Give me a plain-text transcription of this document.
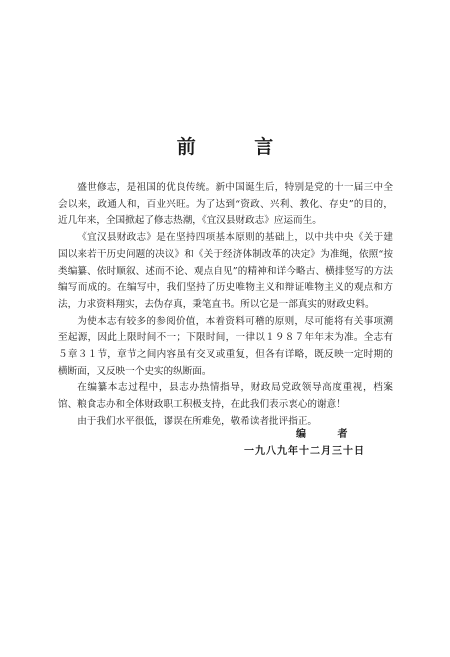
前 言

盛世修志，是祖国的优良传统。新中国诞生后，特别是党的十一届三中全会以来，政通人和，百业兴旺。为了达到“资政、兴利、教化、存史”的目的，近几年来，全国掀起了修志热潮，《宜汉县财政志》应运而生。

《宜汉县财政志》是在坚持四项基本原则的基础上，以中共中央《关于建国以来若干历史问题的决议》和《关于经济体制改革的决定》为准绳，依照“按类编纂、依时顺叙、述而不论、观点自见”的精神和详今略古、横排竖写的方法编写而成的。在编写中，我们坚持了历史唯物主义和辩证唯物主义的观点和方法，力求资料翔实，去伪存真，秉笔直书。所以它是一部真实的财政史料。

为使本志有较多的参阅价值，本着资料可稽的原则，尽可能将有关事项溯至起源，因此上限时间不一；下限时间，一律以１９８７年年末为准。全志有５章３１节，章节之间内容虽有交叉或重复，但各有详略，既反映一定时期的横断面，又反映一个史实的纵断面。

在编纂本志过程中，县志办热情指导，财政局党政领导高度重视，档案馆、粮食志办和全体财政职工积极支持，在此我们表示衷心的谢意！

由于我们水平很低，谬误在所难免，敬希读者批评指正。

编 者
一九八九年十二月三十日
